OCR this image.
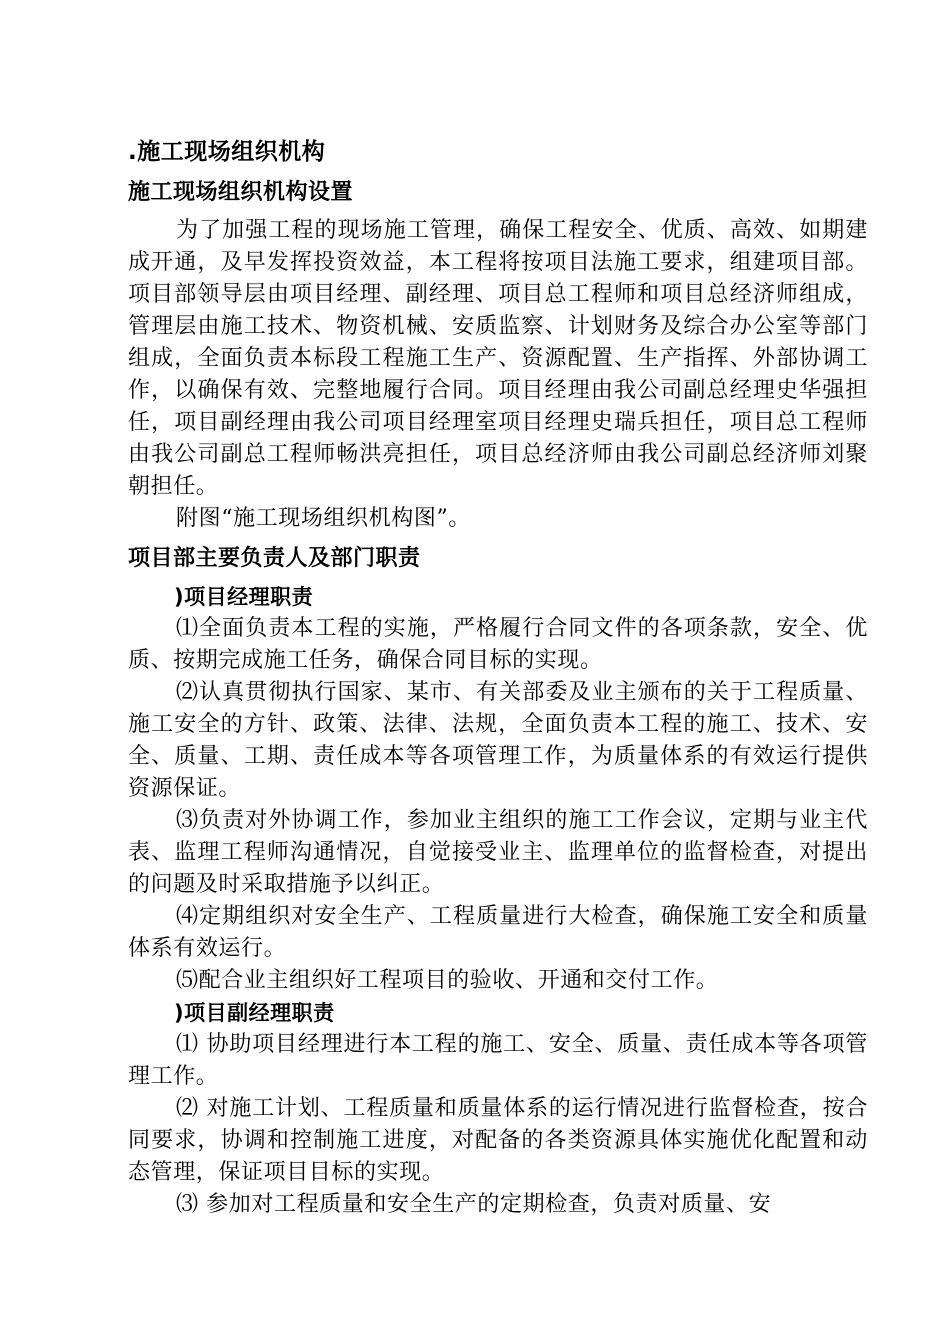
.施工现场组织机构
施工现场组织机构设置

为了加强工程的现场施工管理，确保工程安全、优质、高效、如期建成开通，及早发挥投资效益，本工程将按项目法施工要求，组建项目部。项目部领导层由项目经理、副经理、项目总工程师和项目总经济师组成，管理层由施工技术、物资机械、安质监察、计划财务及综合办公室等部门组成，全面负责本标段工程施工生产、资源配置、生产指挥、外部协调工作，以确保有效、完整地履行合同。项目经理由我公司副总经理史华强担任，项目副经理由我公司项目经理室项目经理史瑞兵担任，项目总工程师由我公司副总工程师畅洪亮担任，项目总经济师由我公司副总经济师刘聚朝担任。

附图“施工现场组织机构图”。

项目部主要负责人及部门职责
)项目经理职责

⑴全面负责本工程的实施，严格履行合同文件的各项条款，安全、优质、按期完成施工任务，确保合同目标的实现。

⑵认真贯彻执行国家、某市、有关部委及业主颁布的关于工程质量、施工安全的方针、政策、法律、法规，全面负责本工程的施工、技术、安全、质量、工期、责任成本等各项管理工作，为质量体系的有效运行提供资源保证。

⑶负责对外协调工作，参加业主组织的施工工作会议，定期与业主代表、监理工程师沟通情况，自觉接受业主、监理单位的监督检查，对提出的问题及时采取措施予以纠正。

⑷定期组织对安全生产、工程质量进行大检查，确保施工安全和质量体系有效运行。

⑸配合业主组织好工程项目的验收、开通和交付工作。

)项目副经理职责

⑴ 协助项目经理进行本工程的施工、安全、质量、责任成本等各项管理工作。

⑵ 对施工计划、工程质量和质量体系的运行情况进行监督检查，按合同要求，协调和控制施工进度，对配备的各类资源具体实施优化配置和动态管理，保证项目目标的实现。

⑶ 参加对工程质量和安全生产的定期检查，负责对质量、安
